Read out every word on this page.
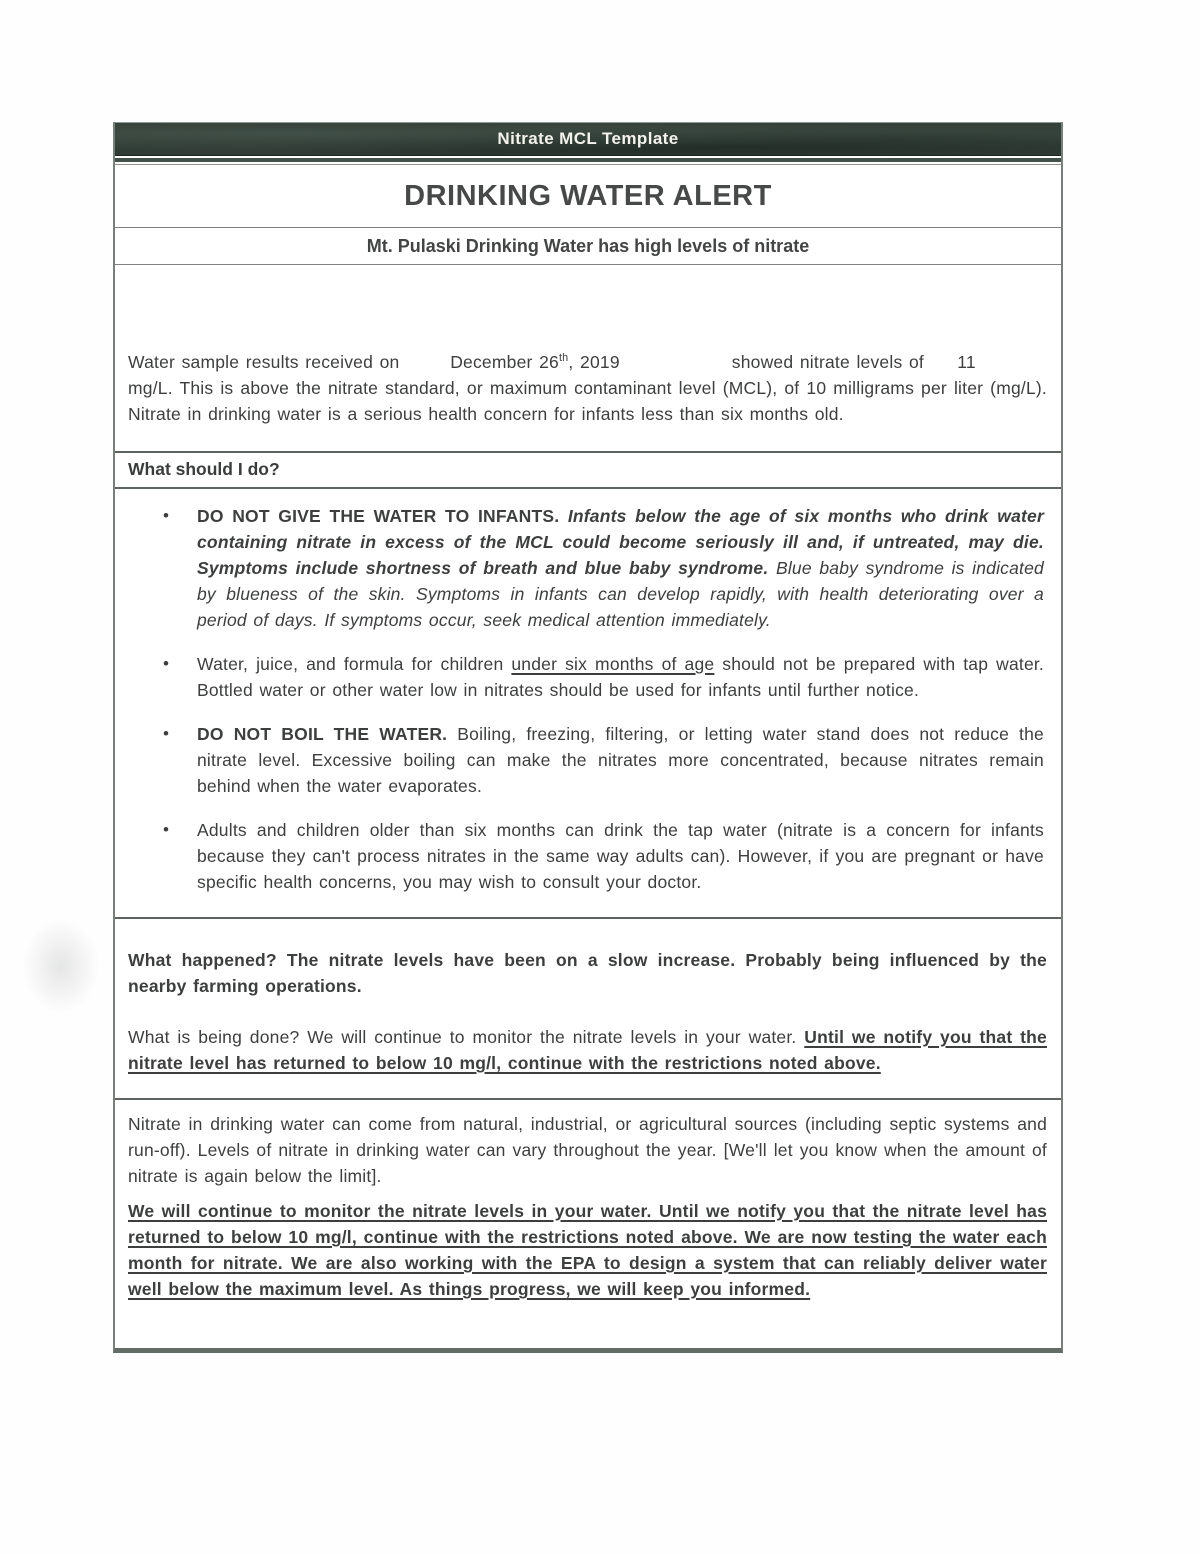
Nitrate MCL Template
DRINKING WATER ALERT
Mt. Pulaski Drinking Water has high levels of nitrate

Water sample results received on	December 26th, 2019	showed nitrate levels of 11
mg/L. This is above the nitrate standard, or maximum contaminant level (MCL), of 10 milligrams per liter (mg/L). Nitrate in drinking water is a serious health concern for infants less than six months old.

What should I do?
•	DO NOT GIVE THE WATER TO INFANTS. Infants below the age of six months who drink water containing nitrate in excess of the MCL could become seriously ill and, if untreated, may die. Symptoms include shortness of breath and blue baby syndrome. Blue baby syndrome is indicated by blueness of the skin. Symptoms in infants can develop rapidly, with health deteriorating over a period of days. If symptoms occur, seek medical attention immediately.

•	Water, juice, and formula for children under six months of age should not be prepared with tap water. Bottled water or other water low in nitrates should be used for infants until further notice.

•	DO NOT BOIL THE WATER. Boiling, freezing, filtering, or letting water stand does not reduce the nitrate level. Excessive boiling can make the nitrates more concentrated, because nitrates remain behind when the water evaporates.

•	Adults and children older than six months can drink the tap water (nitrate is a concern for infants because they can't process nitrates in the same way adults can). However, if you are pregnant or have specific health concerns, you may wish to consult your doctor.

What happened? The nitrate levels have been on a slow increase. Probably being influenced by the nearby farming operations.

What is being done? We will continue to monitor the nitrate levels in your water. Until we notify you that the nitrate level has returned to below 10 mg/l, continue with the restrictions noted above.

Nitrate in drinking water can come from natural, industrial, or agricultural sources (including septic systems and run-off). Levels of nitrate in drinking water can vary throughout the year. [We'll let you know when the amount of nitrate is again below the limit].

We will continue to monitor the nitrate levels in your water. Until we notify you that the nitrate level has returned to below 10 mg/l, continue with the restrictions noted above. We are now testing the water each month for nitrate. We are also working with the EPA to design a system that can reliably deliver water well below the maximum level. As things progress, we will keep you informed.
